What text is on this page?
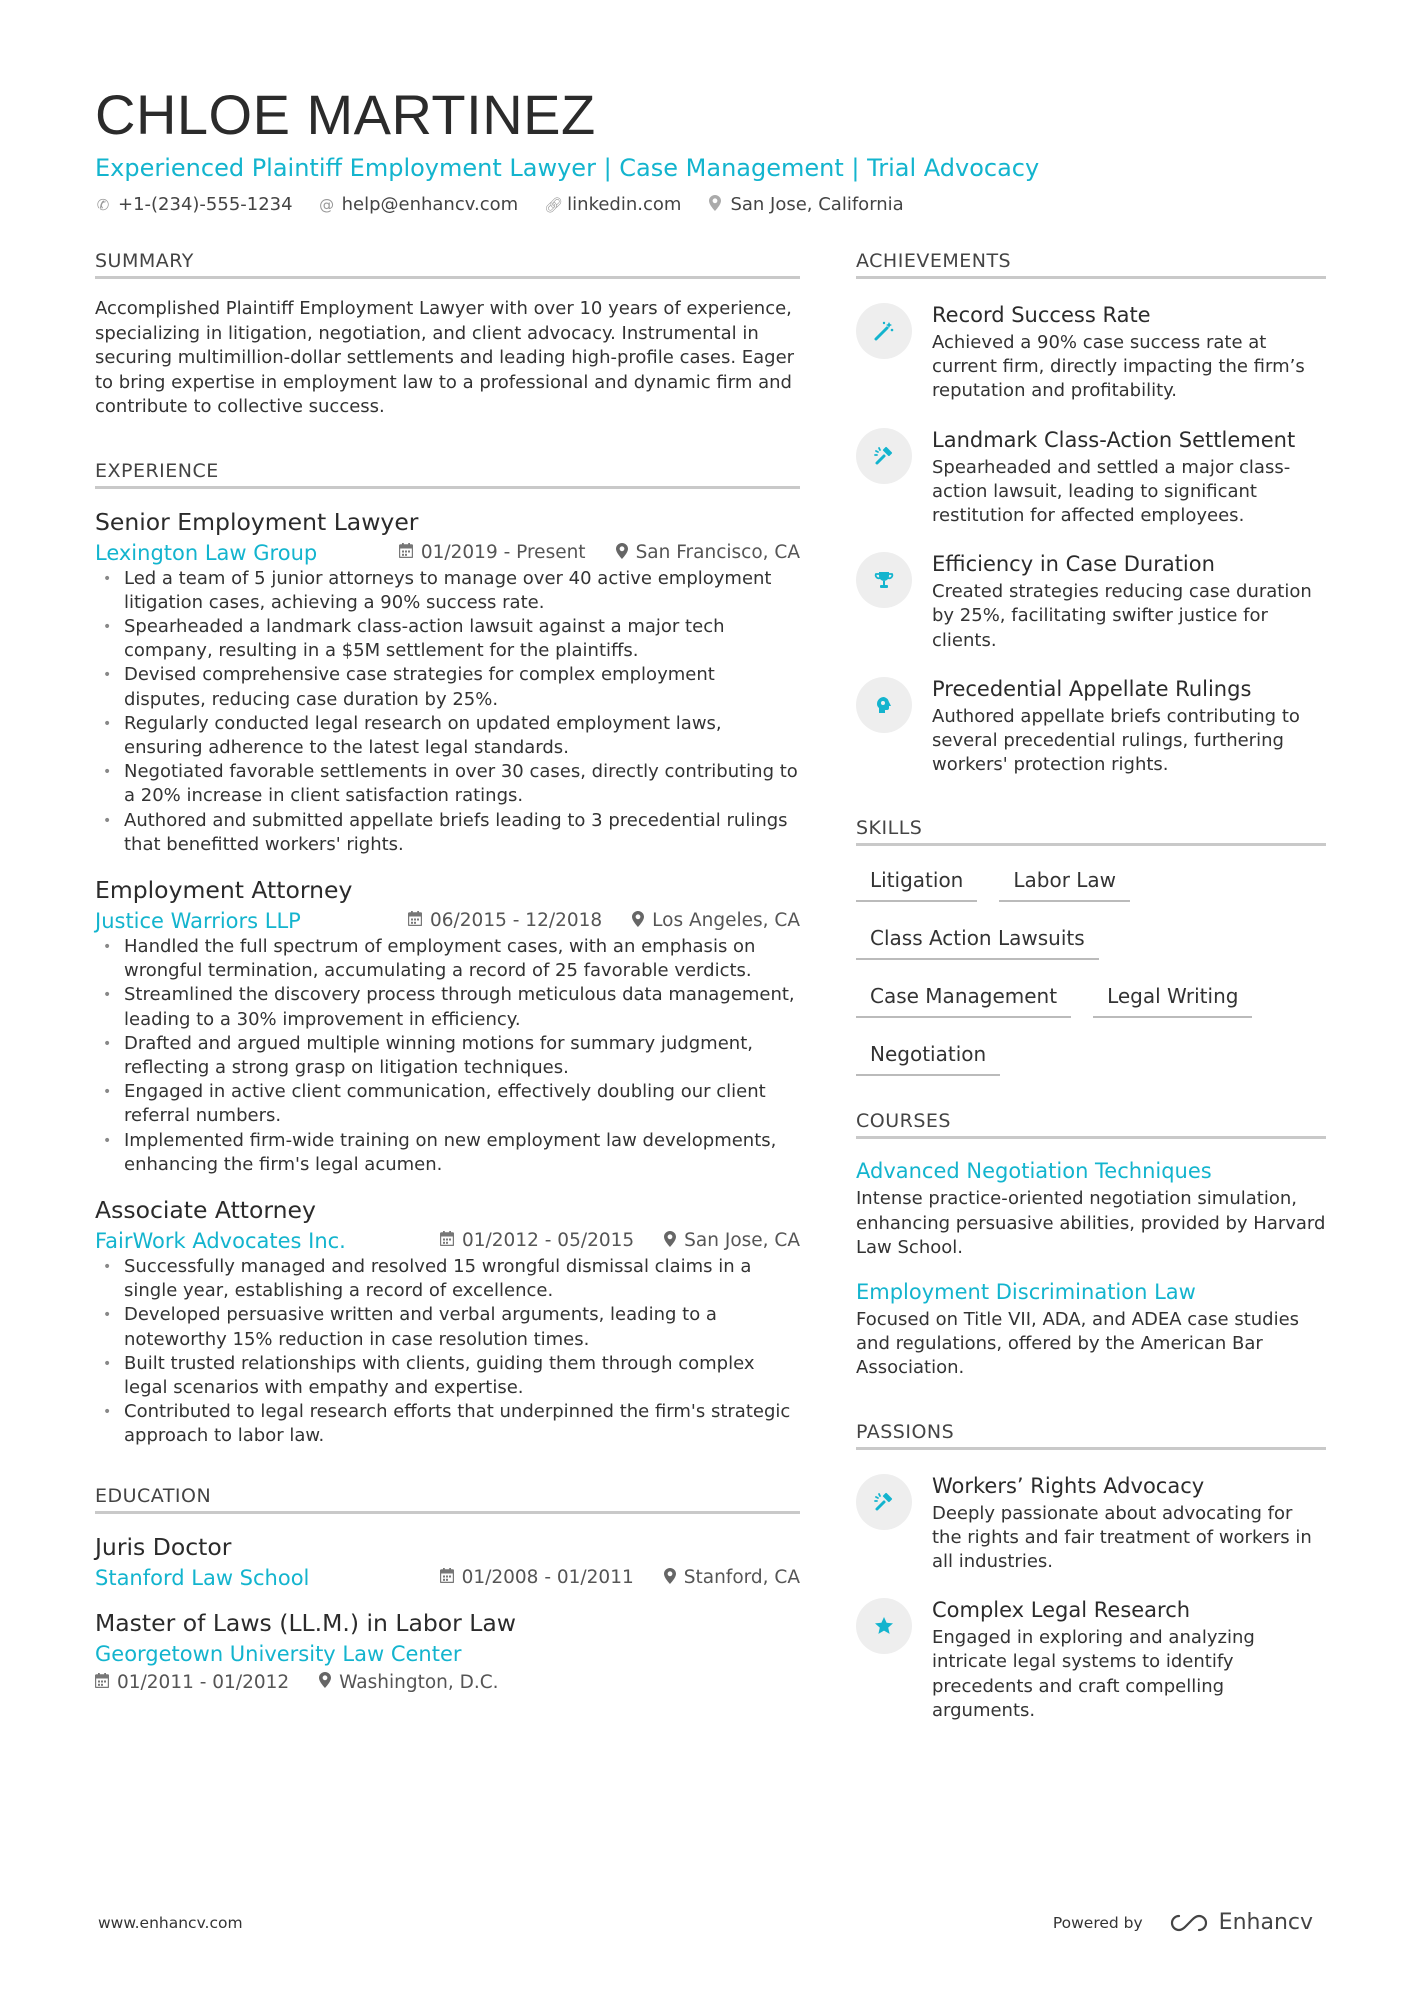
CHLOE MARTINEZ
Experienced Plaintiff Employment Lawyer | Case Management | Trial Advocacy
✆ +1-(234)-555-1234 @ help@enhancv.com 🔗︎ linkedin.com	San Jose, California
SUMMARY

Accomplished Plaintiff Employment Lawyer with over 10 years of experience, specializing in litigation, negotiation, and client advocacy. Instrumental in securing multimillion-dollar settlements and leading high-profile cases. Eager to bring expertise in employment law to a professional and dynamic firm and contribute to collective success.

EXPERIENCE
Senior Employment Lawyer
Lexington Law Group	01/2019 - Present	San Francisco, CA
• Led a team of 5 junior attorneys to manage over 40 active employment litigation cases, achieving a 90% success rate.
• Spearheaded a landmark class-action lawsuit against a major tech company, resulting in a $5M settlement for the plaintiffs.
• Devised comprehensive case strategies for complex employment disputes, reducing case duration by 25%.
• Regularly conducted legal research on updated employment laws, ensuring adherence to the latest legal standards.
• Negotiated favorable settlements in over 30 cases, directly contributing to a 20% increase in client satisfaction ratings.
• Authored and submitted appellate briefs leading to 3 precedential rulings that benefitted workers' rights.
Employment Attorney
Justice Warriors LLP	06/2015 - 12/2018	Los Angeles, CA
• Handled the full spectrum of employment cases, with an emphasis on wrongful termination, accumulating a record of 25 favorable verdicts.
• Streamlined the discovery process through meticulous data management, leading to a 30% improvement in efficiency.
• Drafted and argued multiple winning motions for summary judgment, reflecting a strong grasp on litigation techniques.
• Engaged in active client communication, effectively doubling our client referral numbers.
• Implemented firm-wide training on new employment law developments, enhancing the firm's legal acumen.
Associate Attorney
FairWork Advocates Inc.	01/2012 - 05/2015	San Jose, CA
• Successfully managed and resolved 15 wrongful dismissal claims in a single year, establishing a record of excellence.
• Developed persuasive written and verbal arguments, leading to a noteworthy 15% reduction in case resolution times.
• Built trusted relationships with clients, guiding them through complex legal scenarios with empathy and expertise.
• Contributed to legal research efforts that underpinned the firm's strategic approach to labor law.
EDUCATION
Juris Doctor
Stanford Law School	01/2008 - 01/2011	Stanford, CA
Master of Laws (LL.M.) in Labor Law
Georgetown University Law Center
01/2011 - 01/2012	Washington, D.C.
ACHIEVEMENTS
Record Success Rate
Achieved a 90% case success rate at current firm, directly impacting the firm’s reputation and profitability.
Landmark Class-Action Settlement
Spearheaded and settled a major class-action lawsuit, leading to significant restitution for affected employees.
Efficiency in Case Duration
Created strategies reducing case duration by 25%, facilitating swifter justice for clients.
Precedential Appellate Rulings
Authored appellate briefs contributing to several precedential rulings, furthering workers' protection rights.
SKILLS
Litigation	Labor Law
Class Action Lawsuits
Case Management	Legal Writing
Negotiation
COURSES
Advanced Negotiation Techniques
Intense practice-oriented negotiation simulation, enhancing persuasive abilities, provided by Harvard Law School.
Employment Discrimination Law
Focused on Title VII, ADA, and ADEA case studies and regulations, offered by the American Bar Association.
PASSIONS
Workers’ Rights Advocacy
Deeply passionate about advocating for the rights and fair treatment of workers in all industries.
Complex Legal Research
Engaged in exploring and analyzing intricate legal systems to identify precedents and craft compelling arguments.
www.enhancv.com	Powered by	Enhancv
